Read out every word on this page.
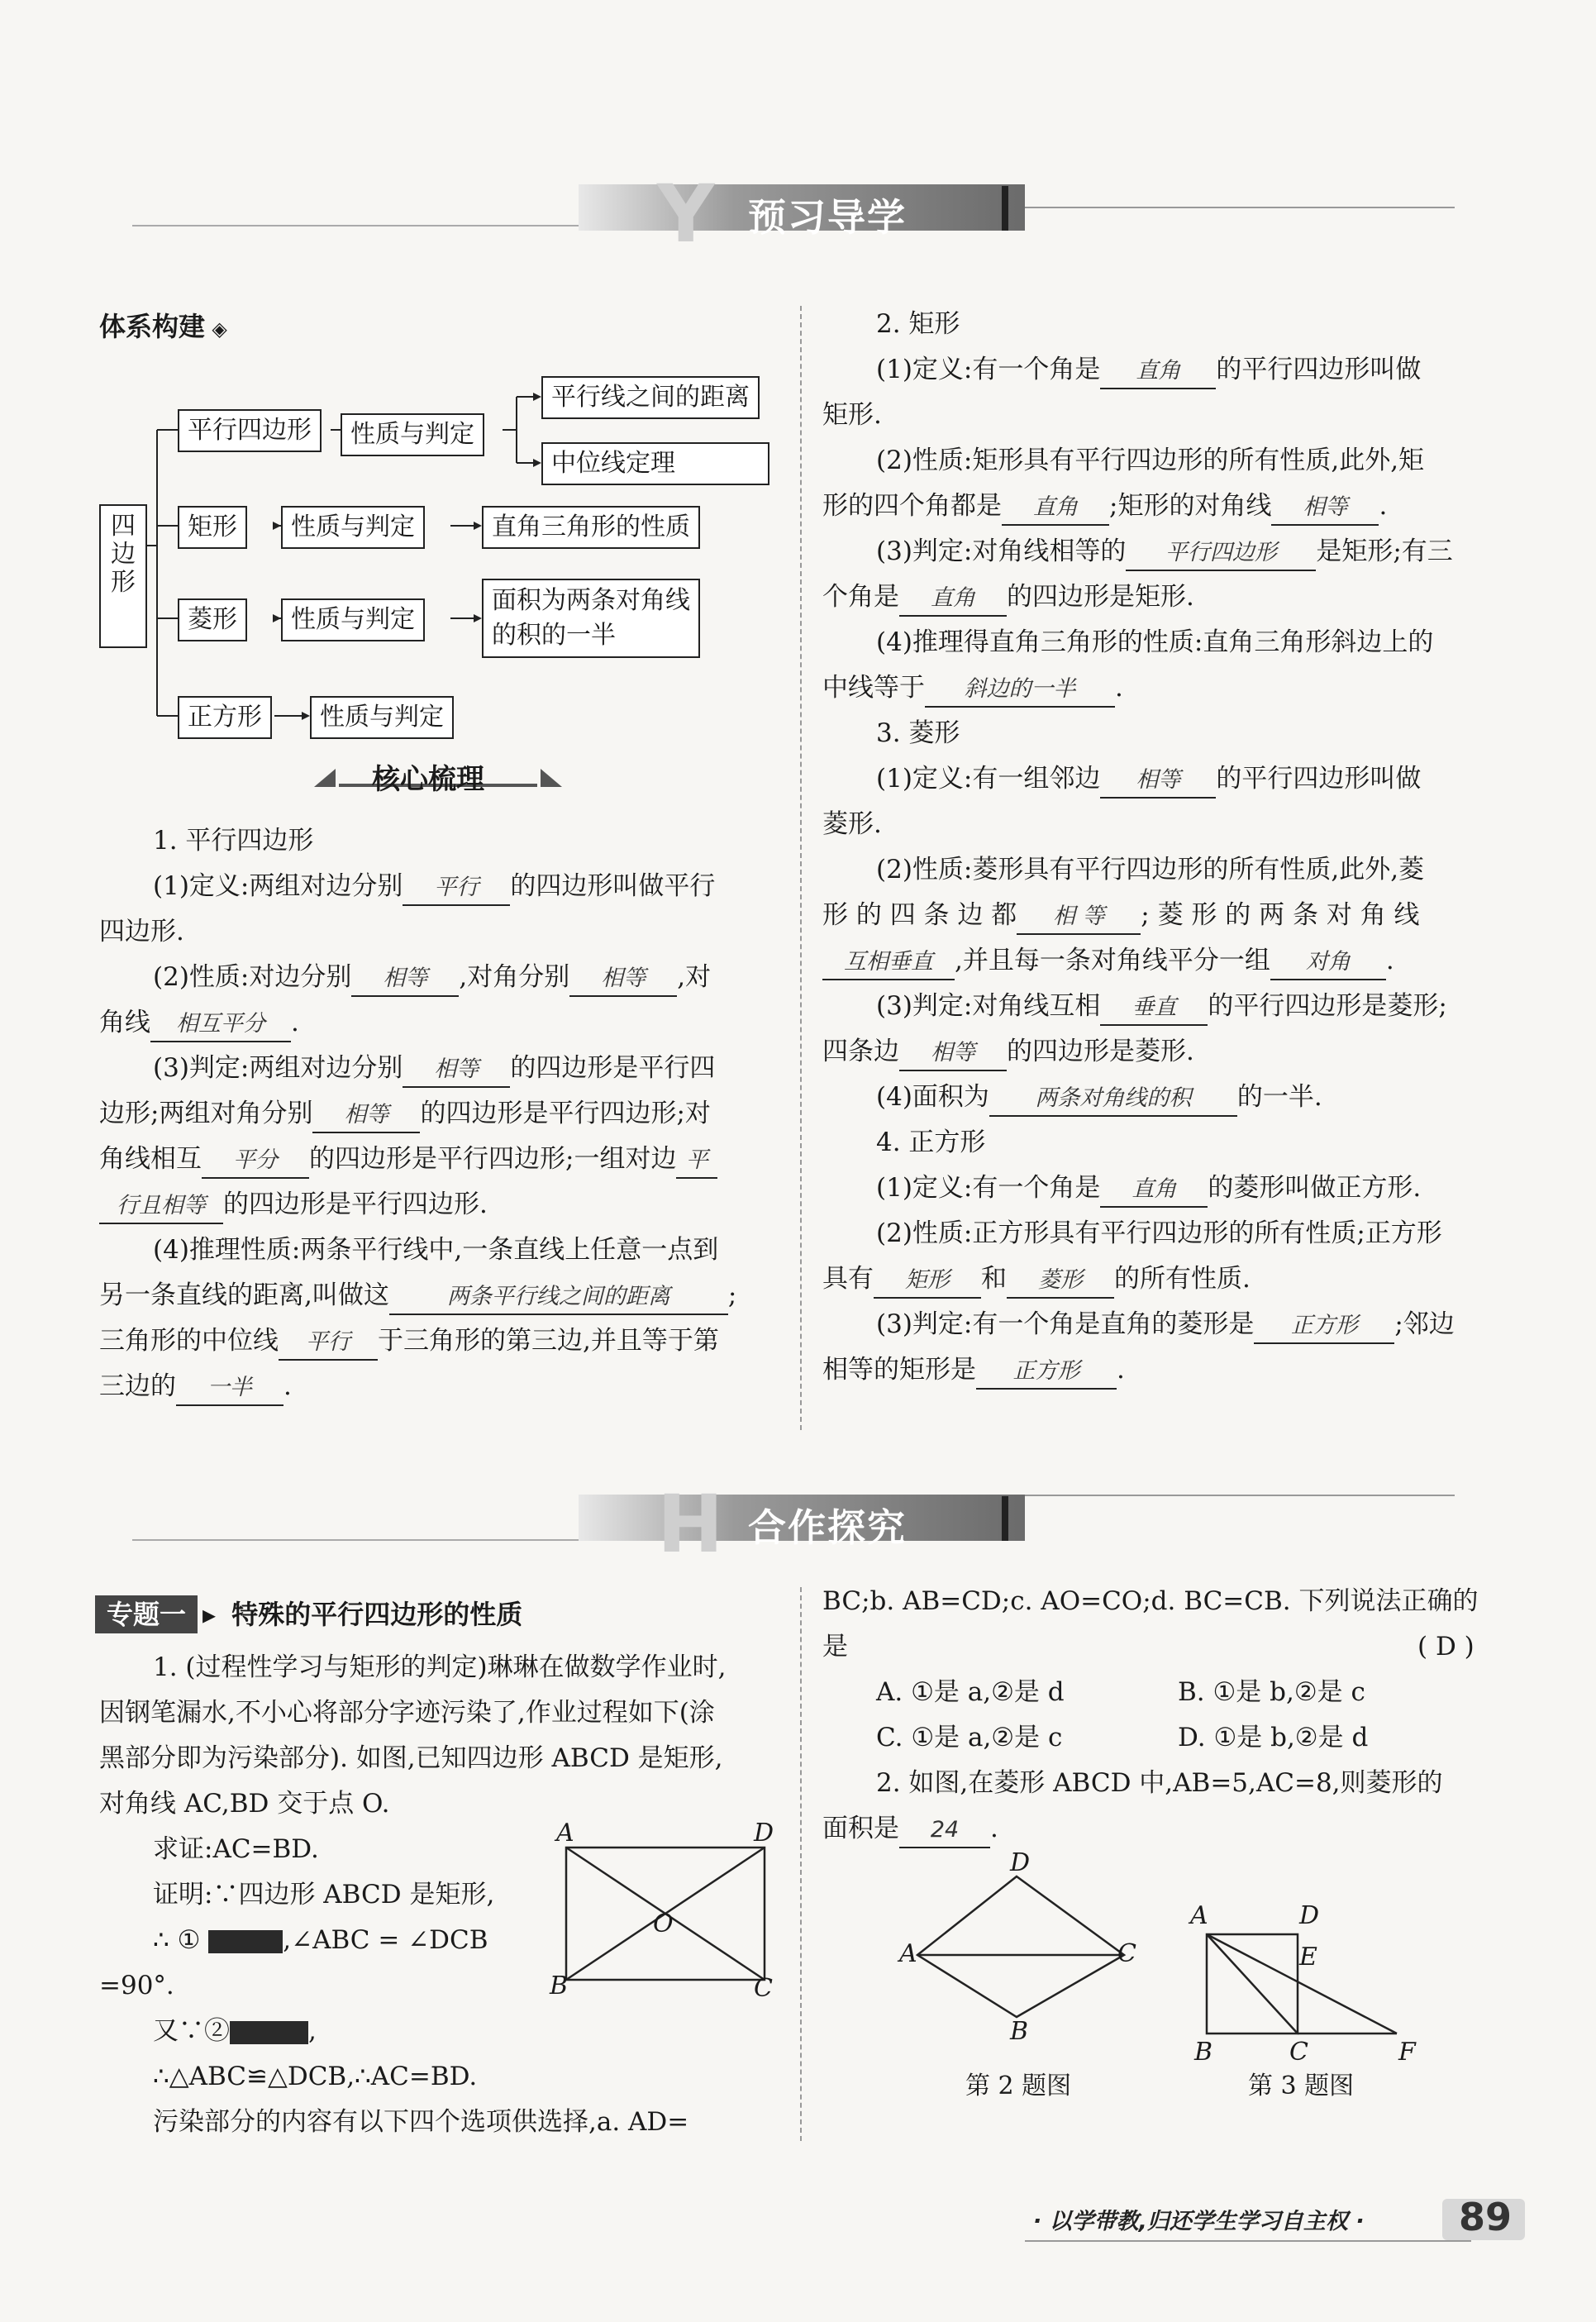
Y 预习导学
体系构建 ◈
四边形
平行四边形	性质与判定
平行线之间的距离
中位线定理
矩形	性质与判定	直角三角形的性质
菱形	性质与判定
面积为两条对角线
的积的一半
正方形	性质与判定
核心梳理
1. 平行四边形
(1)定义:两组对边分别 平行 的四边形叫做平行
四边形.
(2)性质:对边分别 相等 ,对角分别 相等 ,对
角线 相互平分 .
(3)判定:两组对边分别 相等 的四边形是平行四
边形;两组对角分别 相等 的四边形是平行四边形;对
角线相互 平分 的四边形是平行四边形;一组对边 平
行且相等 的四边形是平行四边形.
(4)推理性质:两条平行线中,一条直线上任意一点到
另一条直线的距离,叫做这	两条平行线之间的距离 ;
三角形的中位线 平行 于三角形的第三边,并且等于第
三边的 一半 .
2. 矩形
(1)定义:有一个角是 直角 的平行四边形叫做
矩形.
(2)性质:矩形具有平行四边形的所有性质,此外,矩
形的四个角都是 直角 ;矩形的对角线 相等 .
(3)判定:对角线相等的 平行四边形 是矩形;有三
个角是 直角 的四边形是矩形.
(4)推理得直角三角形的性质:直角三角形斜边上的
中线等于 斜边的一半 .
3. 菱形
(1)定义:有一组邻边 相等 的平行四边形叫做
菱形.
(2)性质:菱形具有平行四边形的所有性质,此外,菱
形 的 四 条 边 都 相 等 ; 菱 形 的 两 条 对 角 线
互相垂直 ,并且每一条对角线平分一组 对角 .
(3)判定:对角线互相 垂直 的平行四边形是菱形;
四条边 相等 的四边形是菱形.
(4)面积为 两条对角线的积 的一半.
4. 正方形
(1)定义:有一个角是 直角 的菱形叫做正方形.
(2)性质:正方形具有平行四边形的所有性质;正方形
具有 矩形 和 菱形 的所有性质.
(3)判定:有一个角是直角的菱形是 正方形 ;邻边
相等的矩形是 正方形 .
H 合作探究
专题一 ▸ 特殊的平行四边形的性质
1. (过程性学习与矩形的判定)琳琳在做数学作业时,
因钢笔漏水,不小心将部分字迹污染了,作业过程如下(涂
黑部分即为污染部分). 如图,已知四边形 ABCD 是矩形,
对角线 AC,BD 交于点 O.
求证:AC=BD.
证明:∵四边形 ABCD 是矩形,
∴ ①	,∠ABC = ∠DCB
=90°.
又∵②	,
∴△ABC≌△DCB,∴AC=BD.
污染部分的内容有以下四个选项供选择,a. AD=
A	D
O
B	C
BC;b. AB=CD;c. AO=CO;d. BC=CB. 下列说法正确的
是	( D )
A. ①是 a,②是 d	B. ①是 b,②是 c
C. ①是 a,②是 c	D. ①是 b,②是 d
2. 如图,在菱形 ABCD 中,AB=5,AC=8,则菱形的
面积是 24 .
D
A	C
B
第 2 题图
A	D
E
B	C	F
第 3 题图
· 以学带教,归还学生学习自主权 · 89
